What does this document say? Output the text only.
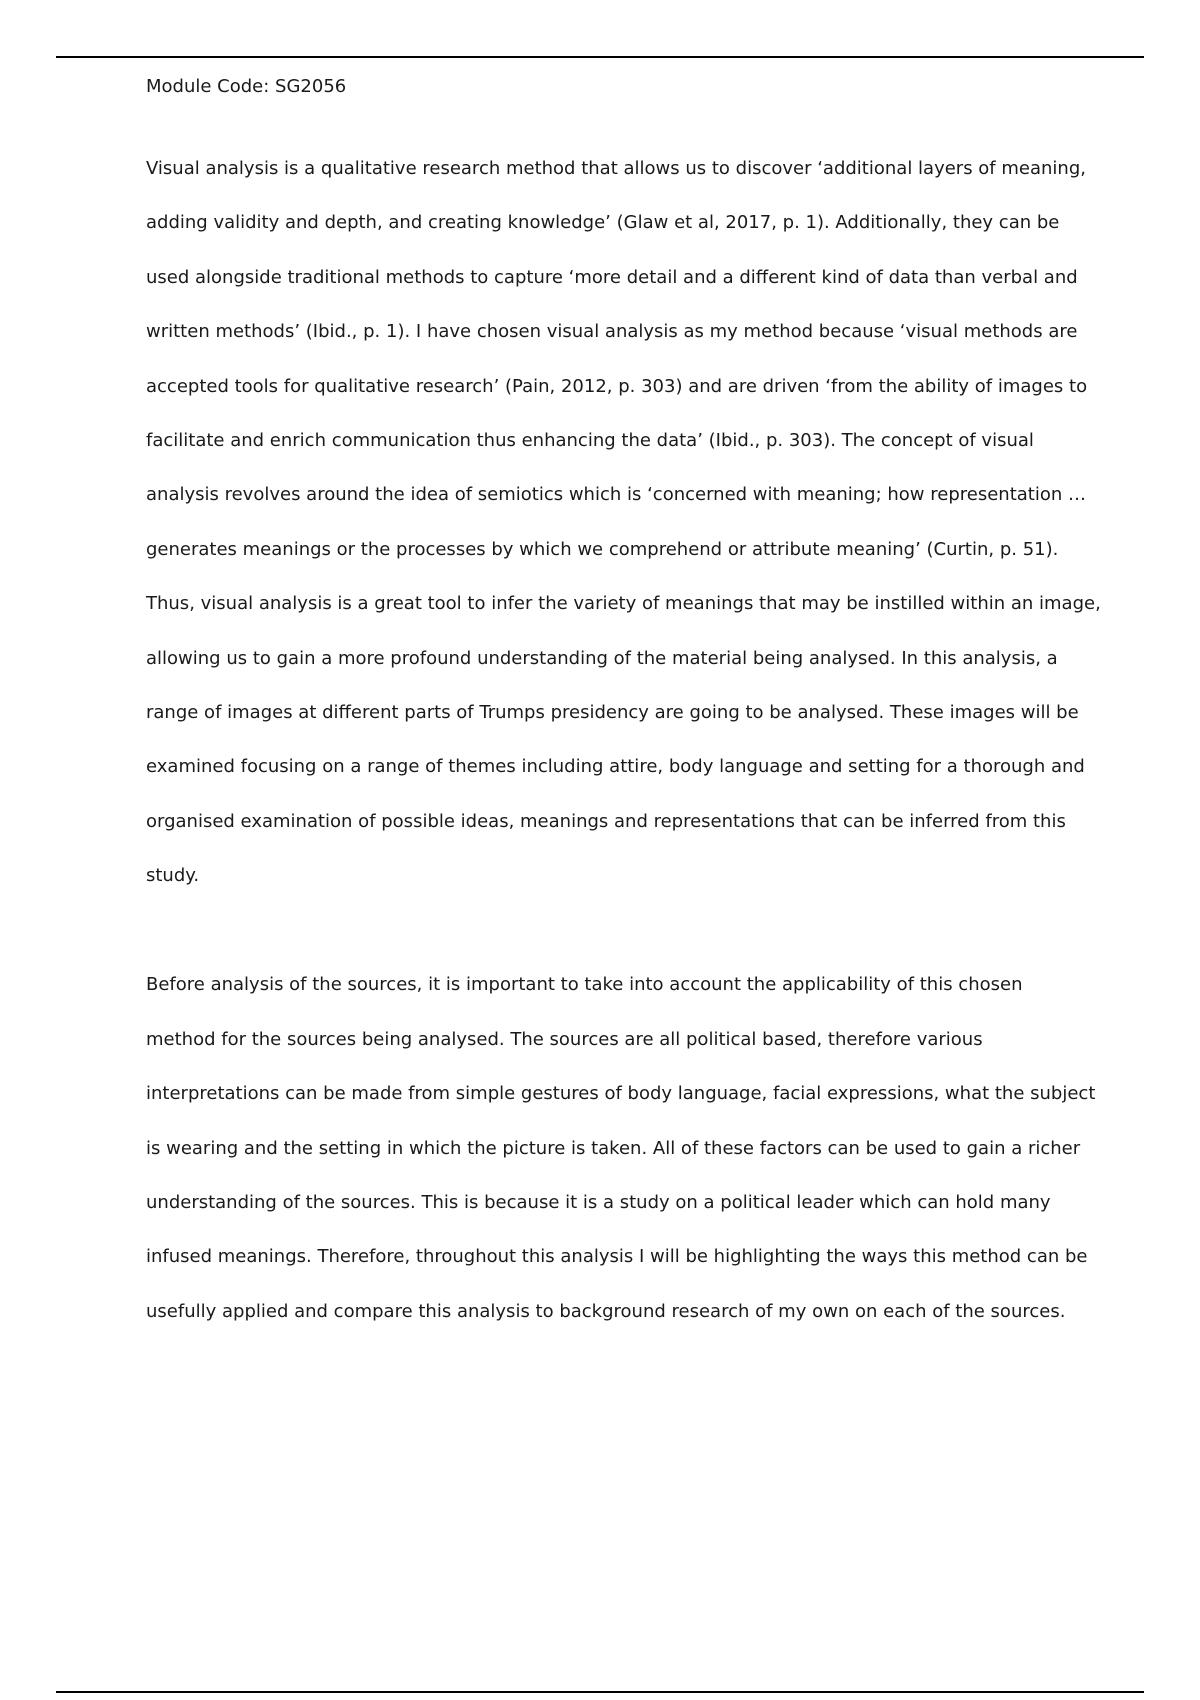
Module Code: SG2056
Visual analysis is a qualitative research method that allows us to discover ‘additional layers of meaning,
adding validity and depth, and creating knowledge’ (Glaw et al, 2017, p. 1). Additionally, they can be
used alongside traditional methods to capture ‘more detail and a different kind of data than verbal and
written methods’ (Ibid., p. 1). I have chosen visual analysis as my method because ‘visual methods are
accepted tools for qualitative research’ (Pain, 2012, p. 303) and are driven ‘from the ability of images to
facilitate and enrich communication thus enhancing the data’ (Ibid., p. 303). The concept of visual
analysis revolves around the idea of semiotics which is ‘concerned with meaning; how representation …
generates meanings or the processes by which we comprehend or attribute meaning’ (Curtin, p. 51).
Thus, visual analysis is a great tool to infer the variety of meanings that may be instilled within an image,
allowing us to gain a more profound understanding of the material being analysed. In this analysis, a
range of images at different parts of Trumps presidency are going to be analysed. These images will be
examined focusing on a range of themes including attire, body language and setting for a thorough and
organised examination of possible ideas, meanings and representations that can be inferred from this
study.
Before analysis of the sources, it is important to take into account the applicability of this chosen
method for the sources being analysed. The sources are all political based, therefore various
interpretations can be made from simple gestures of body language, facial expressions, what the subject
is wearing and the setting in which the picture is taken. All of these factors can be used to gain a richer
understanding of the sources. This is because it is a study on a political leader which can hold many
infused meanings. Therefore, throughout this analysis I will be highlighting the ways this method can be
usefully applied and compare this analysis to background research of my own on each of the sources.
